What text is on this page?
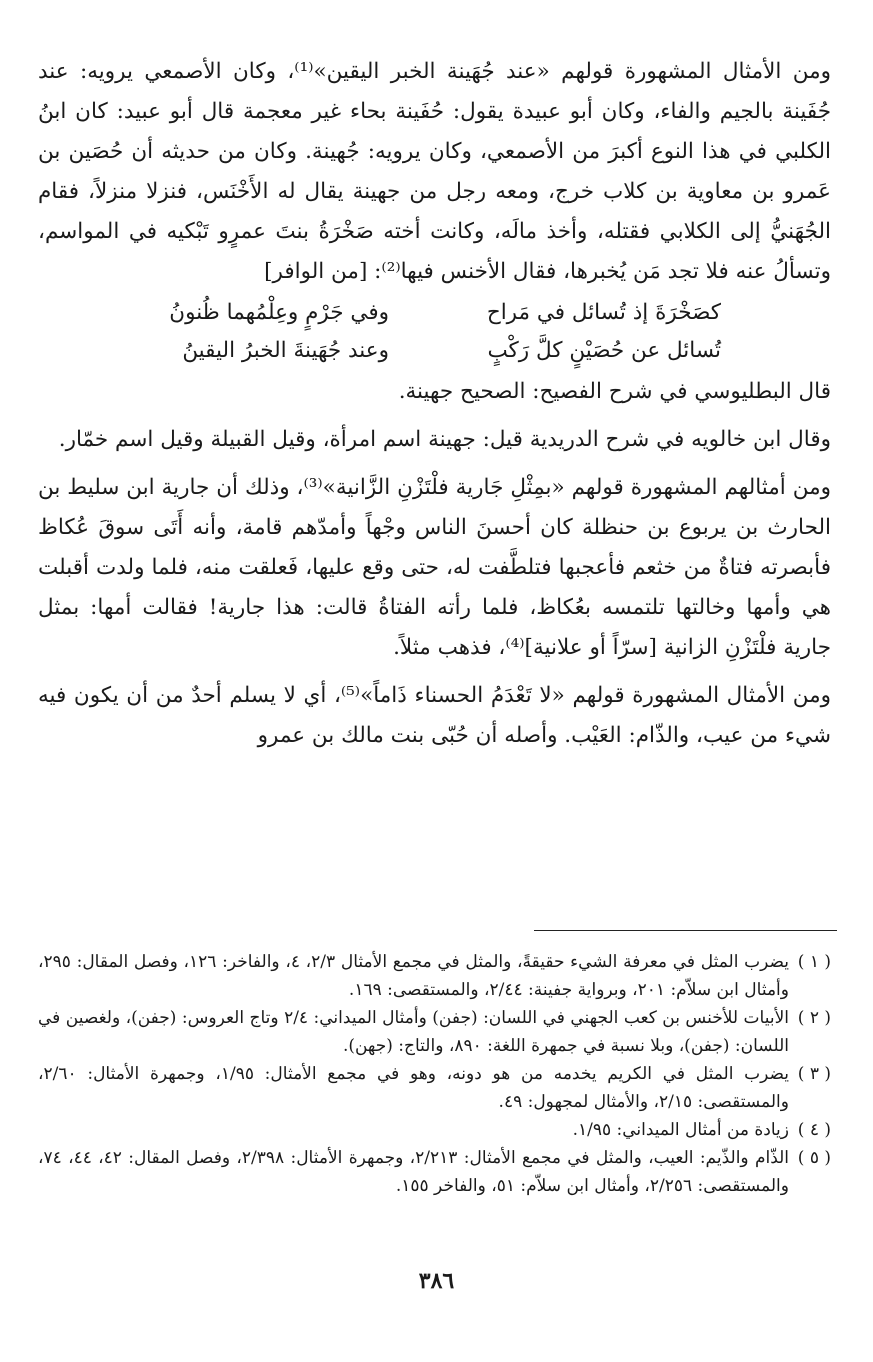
ومن الأمثال المشهورة قولهم «عند جُهَينة الخبر اليقين»⁽¹⁾، وكان الأصمعي يرويه: عند جُفَينة بالجيم والفاء، وكان أبو عبيدة يقول: حُفَينة بحاء غير معجمة قال أبو عبيد: كان ابنُ الكلبي في هذا النوع أكبرَ من الأصمعي، وكان يرويه: جُهينة. وكان من حديثه أن حُصَين بن عَمرو بن معاوية بن كلاب خرج، ومعه رجل من جهينة يقال له الأَخْنَس، فنزلا منزلاً، فقام الجُهَنيُّ إلى الكلابي فقتله، وأخذ مالَه، وكانت أخته صَخْرَةُ بنتَ عمرٍو تَبْكيه في المواسم، وتسألُ عنه فلا تجد مَن يُخبرها، فقال الأخنس فيها⁽²⁾: [من الوافر]

كصَخْرَةَ إذ تُسائل في مَراح
وفي جَرْمٍ وعِلْمُهما ظُنونُ
تُسائل عن حُصَيْنٍ كلَّ رَكْبٍ
وعند جُهَينةَ الخبرُ اليقينُ

قال البطليوسي في شرح الفصيح: الصحيح جهينة.

وقال ابن خالويه في شرح الدريدية قيل: جهينة اسم امرأة، وقيل القبيلة وقيل اسم خمّار.

ومن أمثالهم المشهورة قولهم «بمِثْلِ جَارية فلْتَزْنِ الزَّانية»⁽³⁾، وذلك أن جارية ابن سليط بن الحارث بن يربوع بن حنظلة كان أحسنَ الناس وجْهاً وأمدّهم قامة، وأنه أَتَى سوقَ عُكاظ فأبصرته فتاةٌ من خثعم فأعجبها فتلطَّفت له، حتى وقع عليها، فَعلقت منه، فلما ولدت أقبلت هي وأمها وخالتها تلتمسه بعُكاظ، فلما رأته الفتاةُ قالت: هذا جارية! فقالت أمها: بمثل جارية فلْتَزْنِ الزانية [سرّاً أو علانية]⁽⁴⁾، فذهب مثلاً.

ومن الأمثال المشهورة قولهم «لا تَعْدَمُ الحسناء ذَاماً»⁽⁵⁾، أي لا يسلم أحدٌ من أن يكون فيه شيء من عيب، والذّام: العَيْب. وأصله أن حُبّى بنت مالك بن عمرو

( ١ )
يضرب المثل في معرفة الشيء حقيقةً، والمثل في مجمع الأمثال ٢/٣، ٤، والفاخر: ١٢٦، وفصل المقال: ٢٩٥، وأمثال ابن سلاّم: ٢٠١، وبرواية جفينة: ٢/٤٤، والمستقصى: ١٦٩.
( ٢ )
الأبيات للأخنس بن كعب الجهني في اللسان: (جفن) وأمثال الميداني: ٢/٤ وتاج العروس: (جفن)، ولغصين في اللسان: (جفن)، وبلا نسبة في جمهرة اللغة: ٨٩٠، والتاج: (جهن).
( ٣ )
يضرب المثل في الكريم يخدمه من هو دونه، وهو في مجمع الأمثال: ١/٩٥، وجمهرة الأمثال: ٢/٦٠، والمستقصى: ٢/١٥، والأمثال لمجهول: ٤٩.
( ٤ )
زيادة من أمثال الميداني: ١/٩٥.
( ٥ )
الذّام والذّيم: العيب، والمثل في مجمع الأمثال: ٢/٢١٣، وجمهرة الأمثال: ٢/٣٩٨، وفصل المقال: ٤٢، ٤٤، ٧٤، والمستقصى: ٢/٢٥٦، وأمثال ابن سلاّم: ٥١، والفاخر ١٥٥.
٣٨٦
